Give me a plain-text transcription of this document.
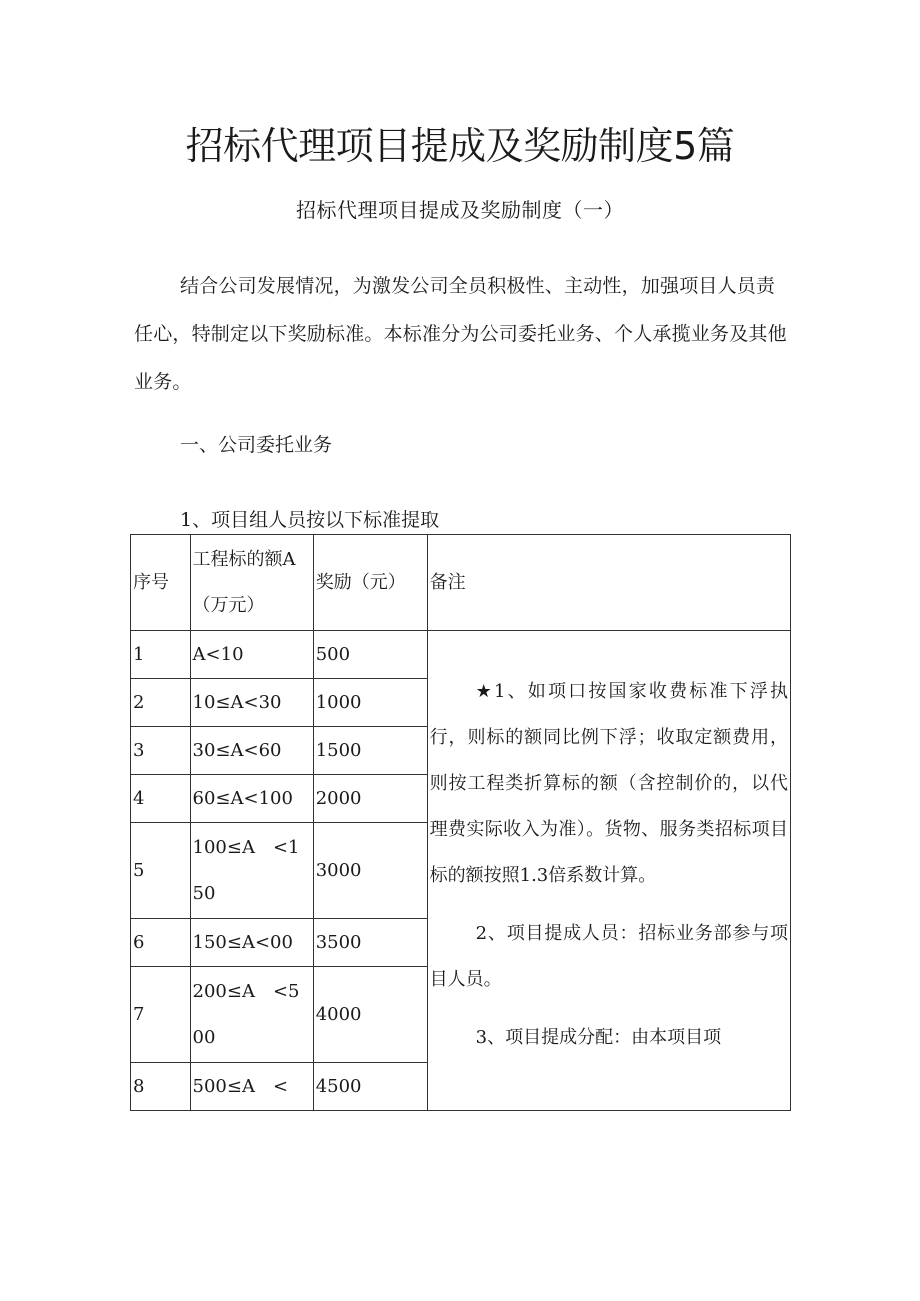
招标代理项目提成及奖励制度5篇
招标代理项目提成及奖励制度（一）

结合公司发展情况，为激发公司全员积极性、主动性，加强项目人员责任心，特制定以下奖励标准。本标准分为公司委托业务、个人承揽业务及其他业务。

一、公司委托业务
1、项目组人员按以下标准提取
序号	工程标的额A（万元）	奖励（元）	备注
1	A<10	500	★1、如项口按国家收费标准下浮执行，则标的额同比例下浮；收取定额费用，则按工程类折算标的额（含控制价的，以代理费实际收入为准）。货物、服务类招标项目标的额按照1.3倍系数计算。

2、项目提成人员：招标业务部参与项目人员。

3、项目提成分配：由本项目项

2	10≤A<30	1000	
3	30≤A<60	1500	
4	60≤A<100	2000	
5	100≤A　<150	3000	
6	150≤A<00	3500	
7	200≤A　<500	4000	
8	500≤A　<	4500	
